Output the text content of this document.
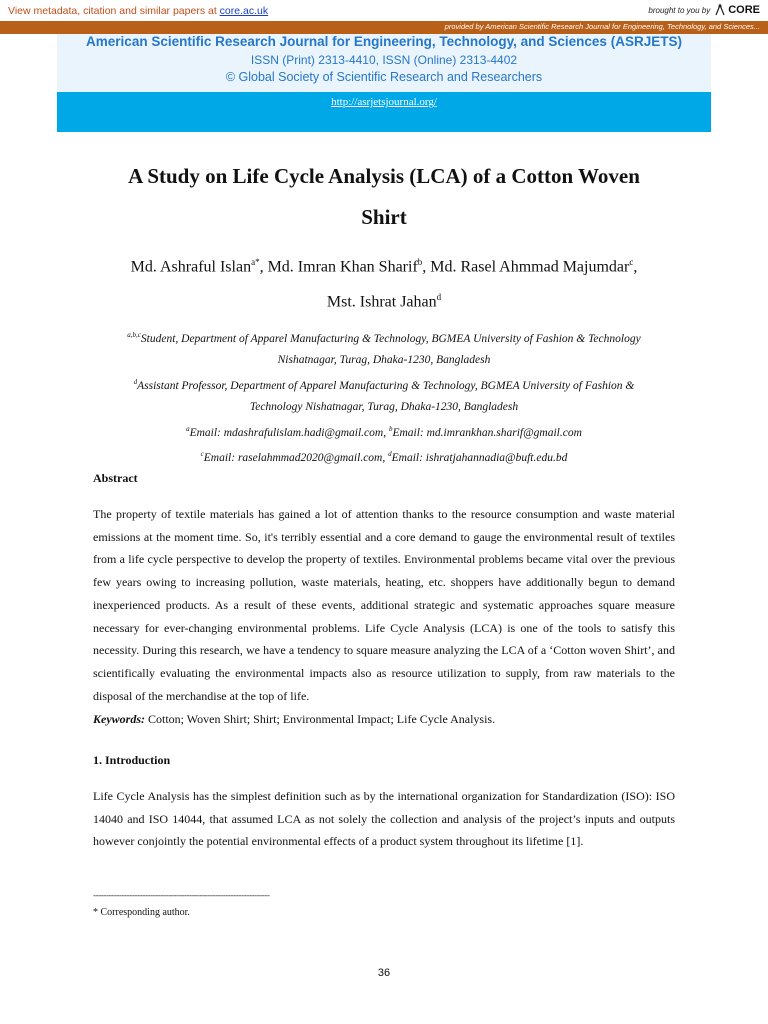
View metadata, citation and similar papers at core.ac.uk	brought to you by CORE
provided by American Scientific Research Journal for Engineering, Technology, and Sciences...
American Scientific Research Journal for Engineering, Technology, and Sciences (ASRJETS)
ISSN (Print) 2313-4410, ISSN (Online) 2313-4402
© Global Society of Scientific Research and Researchers
http://asrjetsjournal.org/
A Study on Life Cycle Analysis (LCA) of a Cotton Woven
Shirt
Md. Ashraful Islan$^{a*}$, Md. Imran Khan Sharif$^b$, Md. Rasel Ahmmad Majumdar$^c$,
Mst. Ishrat Jahan$^d$
$^{a,b,c}$Student, Department of Apparel Manufacturing & Technology, BGMEA University of Fashion & Technology
Nishatnagar, Turag, Dhaka-1230, Bangladesh
$^d$Assistant Professor, Department of Apparel Manufacturing & Technology, BGMEA University of Fashion &
Technology Nishatnagar, Turag, Dhaka-1230, Bangladesh
$^a$Email: mdashrafulislam.hadi@gmail.com, $^b$Email: md.imrankhan.sharif@gmail.com
$^c$Email: raselahmmad2020@gmail.com, $^d$Email: ishratjahannadia@buft.edu.bd
Abstract
The property of textile materials has gained a lot of attention thanks to the resource consumption and waste material emissions at the moment time. So, it's terribly essential and a core demand to gauge the environmental result of textiles from a life cycle perspective to develop the property of textiles. Environmental problems became vital over the previous few years owing to increasing pollution, waste materials, heating, etc. shoppers have additionally begun to demand inexperienced products. As a result of these events, additional strategic and systematic approaches square measure necessary for ever-changing environmental problems. Life Cycle Analysis (LCA) is one of the tools to satisfy this necessity. During this research, we have a tendency to square measure analyzing the LCA of a ‘Cotton woven Shirt’, and scientifically evaluating the environmental impacts also as resource utilization to supply, from raw materials to the disposal of the merchandise at the top of life.
Keywords: Cotton; Woven Shirt; Shirt; Environmental Impact; Life Cycle Analysis.
1. Introduction
Life Cycle Analysis has the simplest definition such as by the international organization for Standardization (ISO): ISO 14040 and ISO 14044, that assumed LCA as not solely the collection and analysis of the project’s inputs and outputs however conjointly the potential environmental effects of a product system throughout its lifetime [1].
--------------------------------------------------------------------
* Corresponding author.
36
